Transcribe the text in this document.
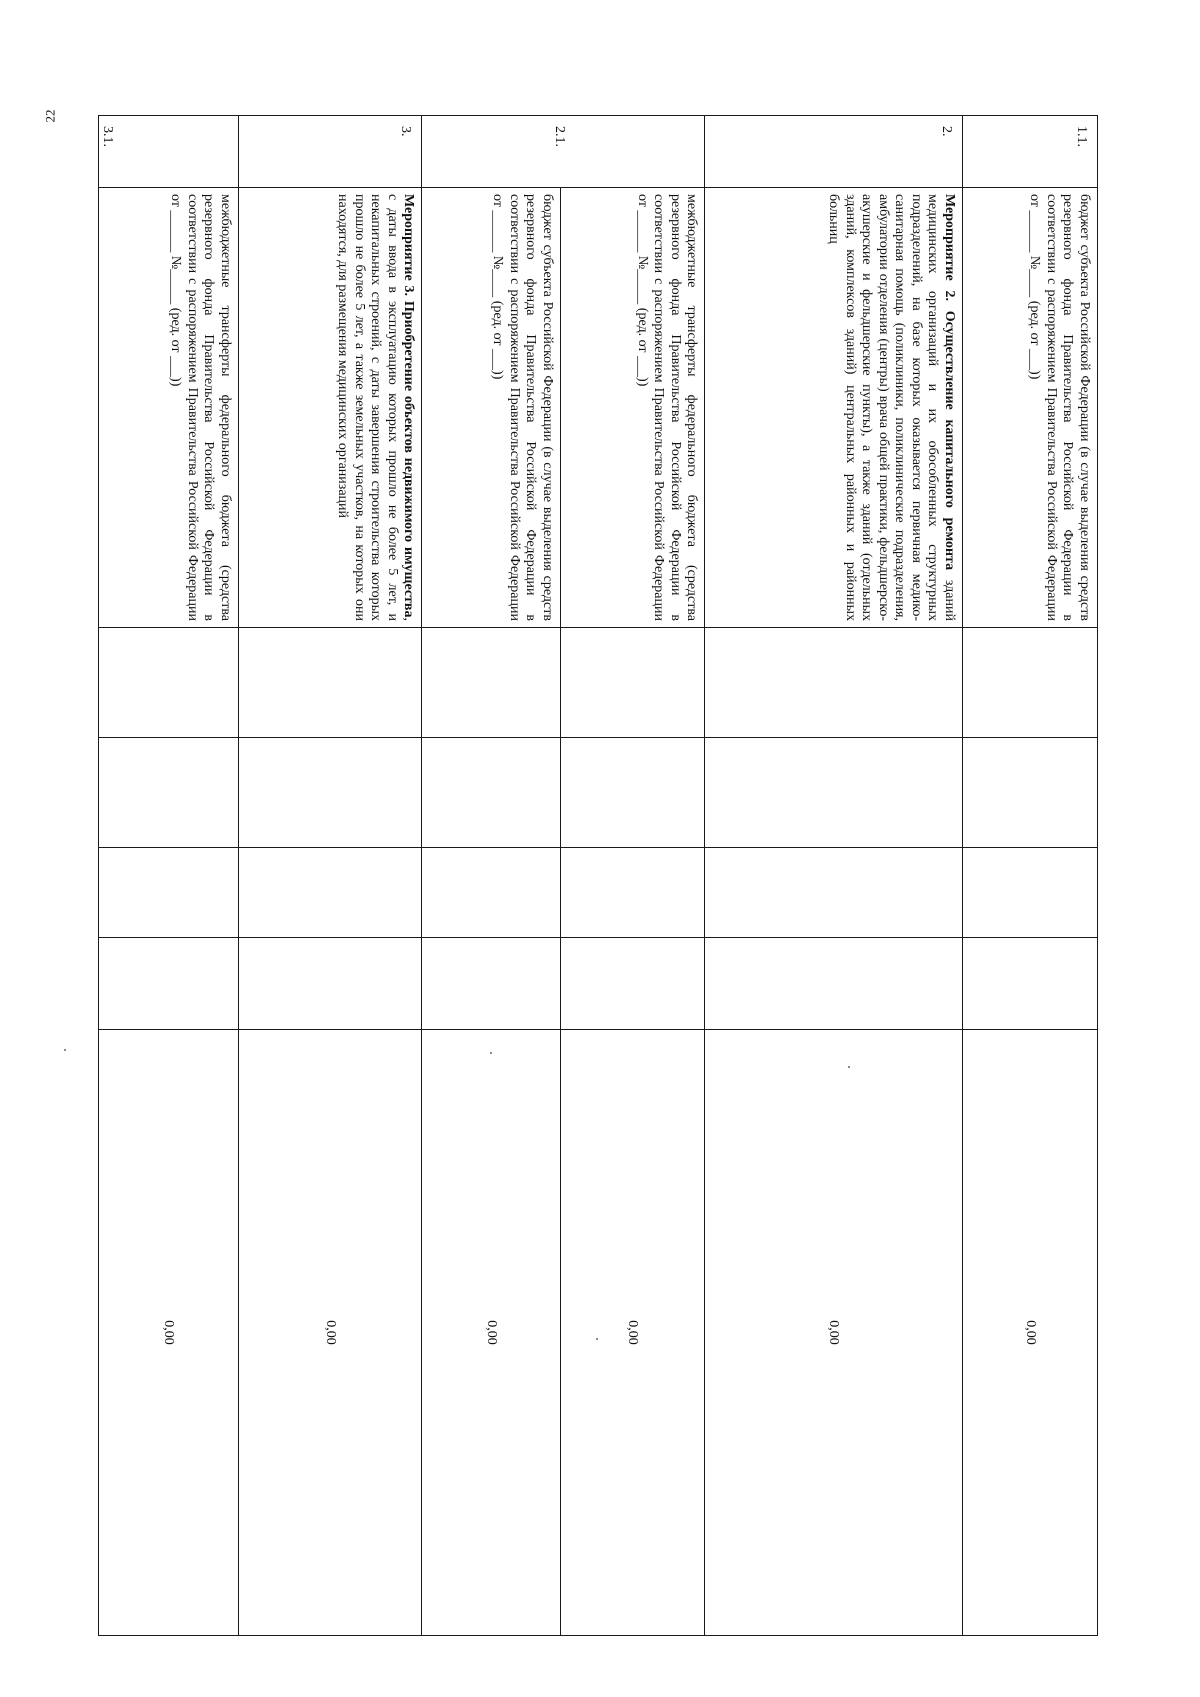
22
1.1.	бюджет субъекта Российской Федерации (в случае выделения средств резервного фонда Правительства Российской Федерации в соответствии с распоряжением Правительства Российской Федерации от ______ №____ (ред. от ___))					0,00
2.	Мероприятие 2. Осуществление капитального ремонта зданий медицинских организаций и их обособленных структурных подразделений, на базе которых оказывается первичная медико-санитарная помощь (поликлиники, поликлинические подразделения, амбулатории отделения (центры) врача общей практики, фельдшерско-акушерские и фельдшерские пункты), а также зданий (отдельных зданий, комплексов зданий) центральных районных и районных больниц					0,00
2.1.	межбюджетные трансферты федерального бюджета (средства резервного фонда Правительства Российской Федерации в соответствии с распоряжением Правительства Российской Федерации от ______ №_____ (ред. от ___))					0,00
	бюджет субъекта Российской Федерации (в случае выделения средств резервного фонда Правительства Российской Федерации в соответствии с распоряжением Правительства Российской Федерации от ______ №____ (ред. от ___))					0,00
3.	Мероприятие 3. Приобретение объектов недвижимого имущества, с даты ввода в эксплуатацию которых прошло не более 5 лет, и некапитальных строений, с даты завершения строительства которых прошло не более 5 лет, а также земельных участков, на которых они находятся, для размещения медицинских организаций					0,00
3.1.	межбюджетные трансферты федерального бюджета (средства резервного фонда Правительства Российской Федерации в соответствии с распоряжением Правительства Российской Федерации от ______ №_____ (ред. от ___))					0,00
